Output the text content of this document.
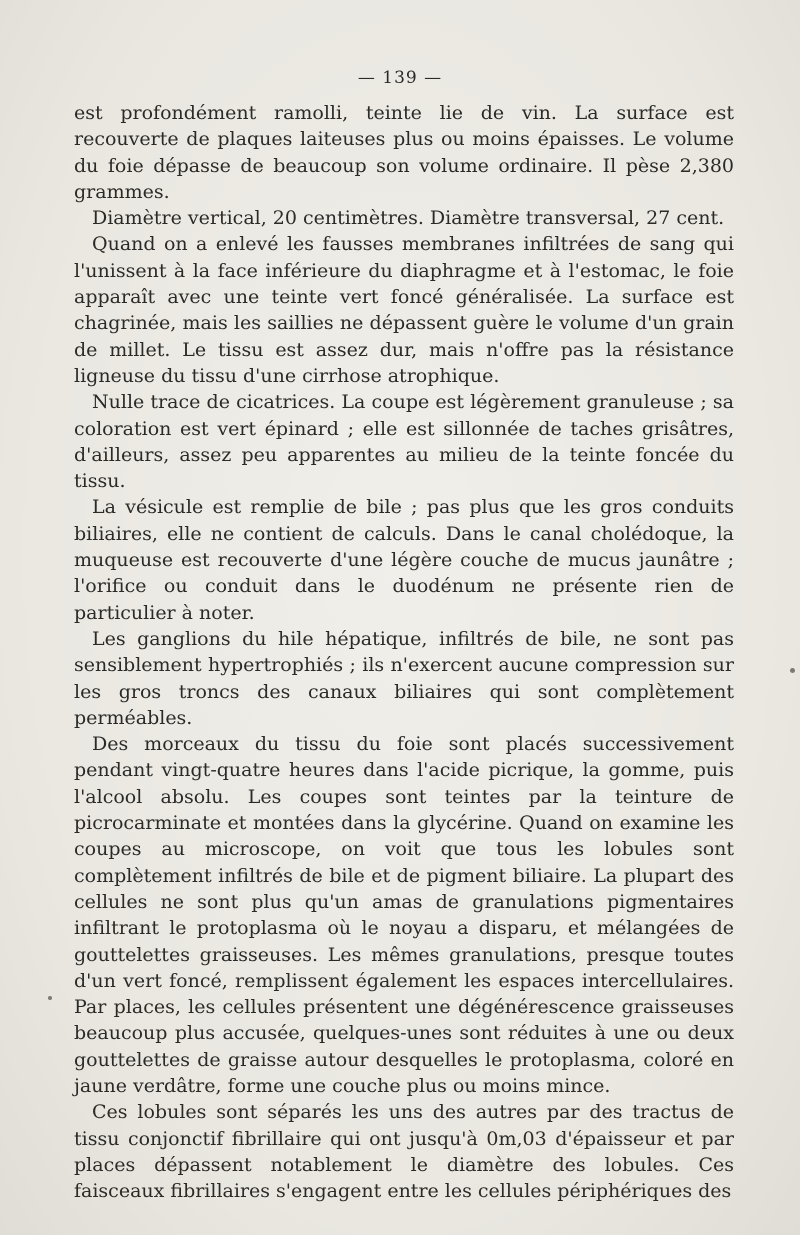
— 139 —

est profondément ramolli, teinte lie de vin. La surface est recouverte de plaques laiteuses plus ou moins épaisses. Le volume du foie dépasse de beaucoup son volume ordinaire. Il pèse 2,380 grammes.

Diamètre vertical, 20 centimètres. Diamètre transversal, 27 cent.

Quand on a enlevé les fausses membranes infiltrées de sang qui l'unissent à la face inférieure du diaphragme et à l'estomac, le foie apparaît avec une teinte vert foncé généralisée. La surface est chagrinée, mais les saillies ne dépassent guère le volume d'un grain de millet. Le tissu est assez dur, mais n'offre pas la résistance ligneuse du tissu d'une cirrhose atrophique.

Nulle trace de cicatrices. La coupe est légèrement granuleuse ; sa coloration est vert épinard ; elle est sillonnée de taches grisâtres, d'ailleurs, assez peu apparentes au milieu de la teinte foncée du tissu.

La vésicule est remplie de bile ; pas plus que les gros conduits biliaires, elle ne contient de calculs. Dans le canal cholédoque, la muqueuse est recouverte d'une légère couche de mucus jaunâtre ; l'orifice ou conduit dans le duodénum ne présente rien de particulier à noter.

Les ganglions du hile hépatique, infiltrés de bile, ne sont pas sensiblement hypertrophiés ; ils n'exercent aucune compression sur les gros troncs des canaux biliaires qui sont complètement perméables.

Des morceaux du tissu du foie sont placés successivement pendant vingt-quatre heures dans l'acide picrique, la gomme, puis l'alcool absolu. Les coupes sont teintes par la teinture de picrocarminate et montées dans la glycérine. Quand on examine les coupes au microscope, on voit que tous les lobules sont complètement infiltrés de bile et de pigment biliaire. La plupart des cellules ne sont plus qu'un amas de granulations pigmentaires infiltrant le protoplasma où le noyau a disparu, et mélangées de gouttelettes graisseuses. Les mêmes granulations, presque toutes d'un vert foncé, remplissent également les espaces intercellulaires. Par places, les cellules présentent une dégénérescence graisseuses beaucoup plus accusée, quelques-unes sont réduites à une ou deux gouttelettes de graisse autour desquelles le protoplasma, coloré en jaune verdâtre, forme une couche plus ou moins mince.

Ces lobules sont séparés les uns des autres par des tractus de tissu conjonctif fibrillaire qui ont jusqu'à 0m,03 d'épaisseur et par places dépassent notablement le diamètre des lobules. Ces faisceaux fibrillaires s'engagent entre les cellules périphériques des
